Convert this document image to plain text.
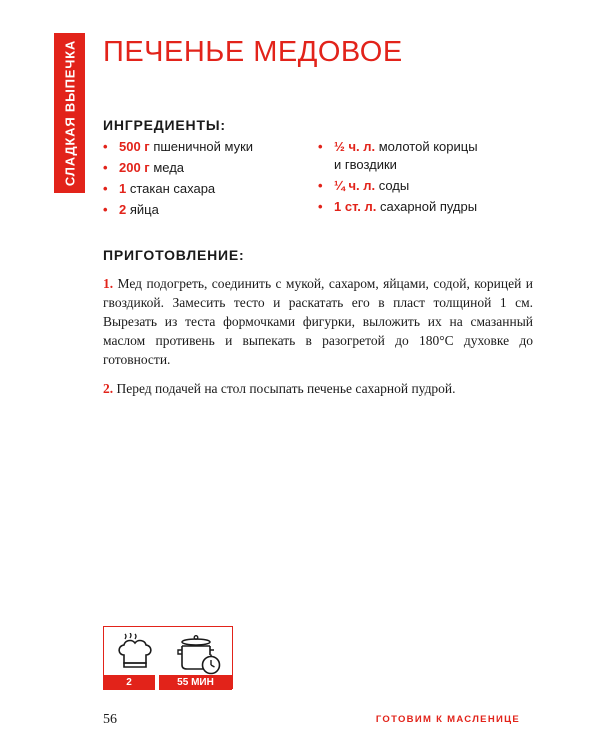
СЛАДКАЯ ВЫПЕЧКА ПЕЧЕНЬЕ МЕДОВОЕ
ИНГРЕДИЕНТЫ:
• 500 г пшеничной муки
• 200 г меда
• 1 стакан сахара
• 2 яйца
• ½ ч. л. молотой корицы
и гвоздики
• ¼ ч. л. соды
• 1 ст. л. сахарной пудры
ПРИГОТОВЛЕНИЕ:

1. Мед подогреть, соединить с мукой, сахаром, яйцами, содой, корицей и гвоздикой. Замесить тесто и раскатать его в пласт толщиной 1 см. Вырезать из теста формочками фигурки, выложить их на смазанный маслом противень и выпекать в разогретой до 180°С духовке до готовности.

2. Перед подачей на стол посыпать печенье сахарной пудрой.

2	55 МИН

56	ГОТОВИМ К МАСЛЕНИЦЕ
